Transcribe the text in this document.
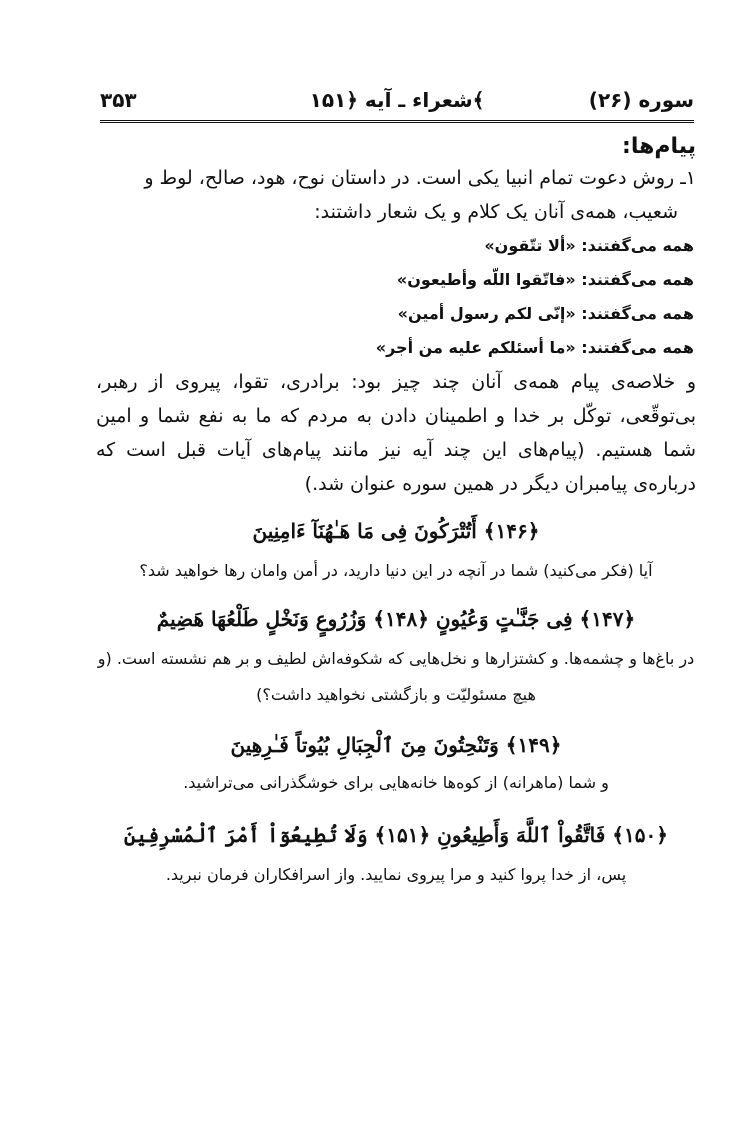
سوره (۲۶)
شعراء ـ آیه ﴿۱۵۱﴾
۳۵۳
پیام‌ها:

۱ـ روش دعوت تمام انبیا یکی است. در داستان نوح، هود، صالح، لوط و

شعیب، همه‌ی آنان یک کلام و یک شعار داشتند:

همه می‌گفتند: «ألا تتّقون»
همه می‌گفتند: «فاتّقوا اللّه وأطیعون»
همه می‌گفتند: «إنّی لکم رسول أمین»
همه می‌گفتند: «ما أسئلکم علیه من أجر»

و خلاصه‌ی پیام همه‌ی آنان چند چیز بود: برادری، تقوا، پیروی از رهبر، بی‌توقّعی، توکّل بر خدا و اطمینان دادن به مردم که ما به نفع شما و امین شما هستیم. (پیام‌های این چند آیه نیز مانند پیام‌های آیات قبل است که درباره‌ی پیامبران دیگر در همین سوره عنوان شد.)

﴿۱۴۶﴾ أَتُتْرَكُونَ فِی مَا هَـٰهُنَآ ءَامِنِینَ

آیا (فکر می‌کنید) شما در آنچه در این دنیا دارید، در أمن وامان رها خواهید شد؟

﴿۱۴۷﴾ فِی جَنَّـٰتٍ وَعُیُونٍ ﴿۱۴۸﴾ وَزُرُوعٍ وَنَخْلٍ طَلْعُهَا هَضِیمٌ

در باغ‌ها و چشمه‌ها. و کشتزارها و نخل‌هایی که شکوفه‌اش لطیف و بر هم نشسته است. (و هیچ مسئولیّت و بازگشتی نخواهید داشت؟)

﴿۱۴۹﴾ وَتَنْحِتُونَ مِنَ ٱلْجِبَالِ بُیُوتاً فَـٰرِهِینَ

و شما (ماهرانه) از کوه‌ها خانه‌هایی برای خوشگذرانی می‌تراشید.

﴿۱۵۰﴾ فَاتَّقُواْ ٱللَّهَ وَأَطِیعُونِ ﴿۱۵۱﴾ وَلَا تُطِیعُوٓاْ أَمْرَ ٱلْمُسْرِفِینَ

پس، از خدا پروا کنید و مرا پیروی نمایید. واز اسرافکاران فرمان نبرید.
